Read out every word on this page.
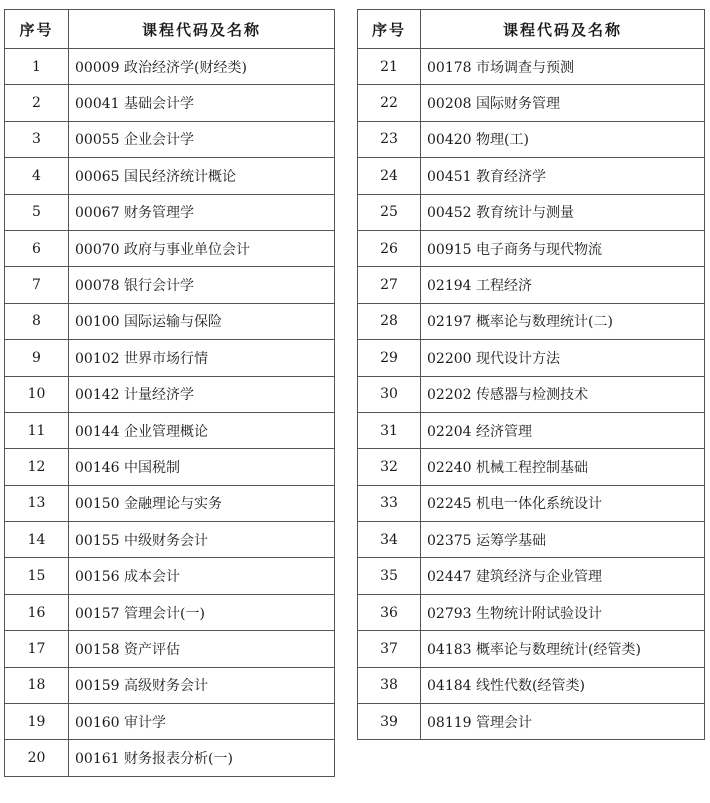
序号	课程代码及名称
1	00009 政治经济学(财经类)
2	00041 基础会计学
3	00055 企业会计学
4	00065 国民经济统计概论
5	00067 财务管理学
6	00070 政府与事业单位会计
7	00078 银行会计学
8	00100 国际运输与保险
9	00102 世界市场行情
10	00142 计量经济学
11	00144 企业管理概论
12	00146 中国税制
13	00150 金融理论与实务
14	00155 中级财务会计
15	00156 成本会计
16	00157 管理会计(一)
17	00158 资产评估
18	00159 高级财务会计
19	00160 审计学
20	00161 财务报表分析(一)
序号	课程代码及名称
21	00178 市场调查与预测
22	00208 国际财务管理
23	00420 物理(工)
24	00451 教育经济学
25	00452 教育统计与测量
26	00915 电子商务与现代物流
27	02194 工程经济
28	02197 概率论与数理统计(二)
29	02200 现代设计方法
30	02202 传感器与检测技术
31	02204 经济管理
32	02240 机械工程控制基础
33	02245 机电一体化系统设计
34	02375 运筹学基础
35	02447 建筑经济与企业管理
36	02793 生物统计附试验设计
37	04183 概率论与数理统计(经管类)
38	04184 线性代数(经管类)
39	08119 管理会计
